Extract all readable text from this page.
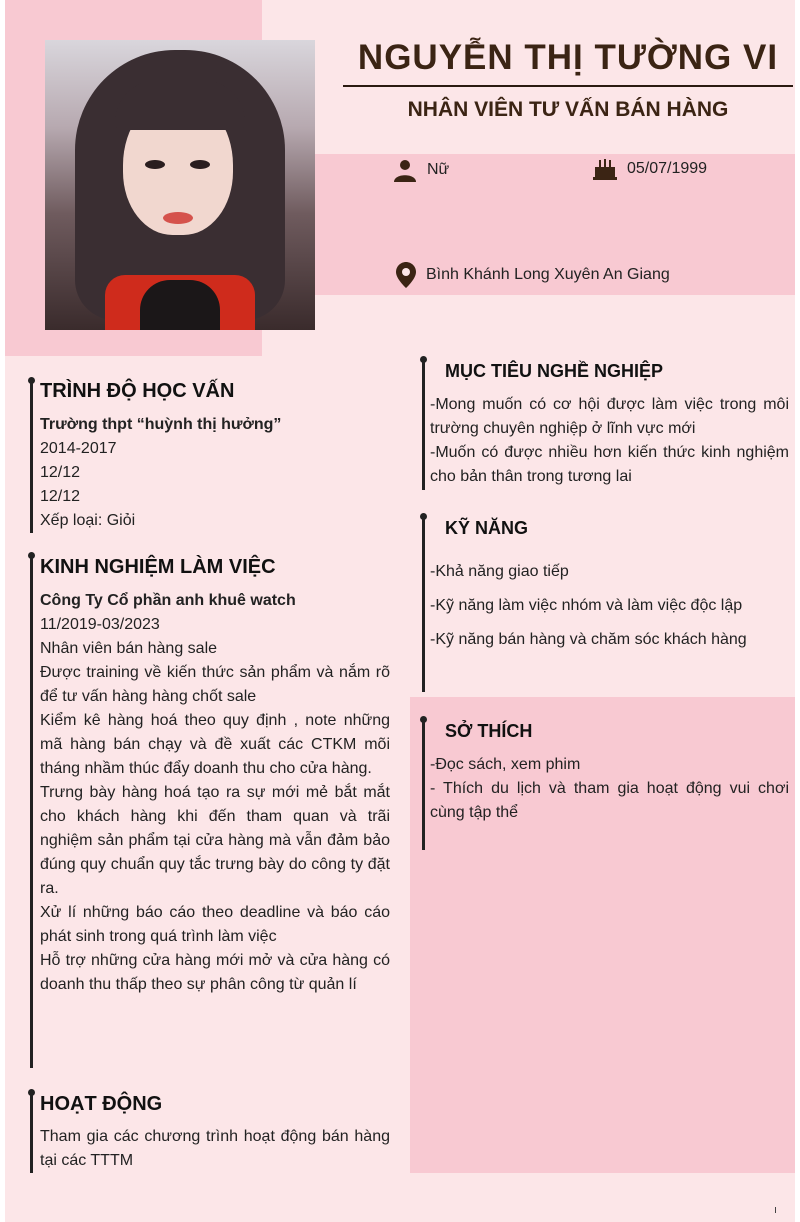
NGUYỄN THỊ TƯỜNG VI
NHÂN VIÊN TƯ VẤN BÁN HÀNG
Nữ	05/07/1999
Bình Khánh Long Xuyên An Giang
TRÌNH ĐỘ HỌC VẤN

Trường thpt “huỳnh thị hưởng”

2014-2017

12/12

12/12

Xếp loại: Giỏi

KINH NGHIỆM LÀM VIỆC

Công Ty Cổ phần anh khuê watch

11/2019-03/2023

Nhân viên bán hàng sale

Được training về kiến thức sản phẩm và nắm rõ để tư vấn hàng hàng chốt sale

Kiểm kê hàng hoá theo quy định , note những mã hàng bán chạy và đề xuất các CTKM mõi tháng nhầm thúc đẩy doanh thu cho cửa hàng.

Trưng bày hàng hoá tạo ra sự mới mẻ bắt mắt cho khách hàng khi đến tham quan và trãi nghiệm sản phẩm tại cửa hàng mà vẫn đảm bảo đúng quy chuẩn quy tắc trưng bày do công ty đặt ra.

Xử lí những báo cáo theo deadline và báo cáo phát sinh trong quá trình làm việc

Hỗ trợ những cửa hàng mới mở và cửa hàng có doanh thu thấp theo sự phân công từ quản lí

HOẠT ĐỘNG

Tham gia các chương trình hoạt động bán hàng tại các TTTM

MỤC TIÊU NGHỀ NGHIỆP

-Mong muốn có cơ hội được làm việc trong môi trường chuyên nghiệp ở lĩnh vực mới

-Muốn có được nhiều hơn kiến thức kinh nghiệm cho bản thân trong tương lai

KỸ NĂNG

-Khả năng giao tiếp

-Kỹ năng làm việc nhóm và làm việc độc lập

-Kỹ năng bán hàng và chăm sóc khách hàng

SỞ THÍCH

-Đọc sách, xem phim

- Thích du lịch và tham gia hoạt động vui chơi cùng tập thể
